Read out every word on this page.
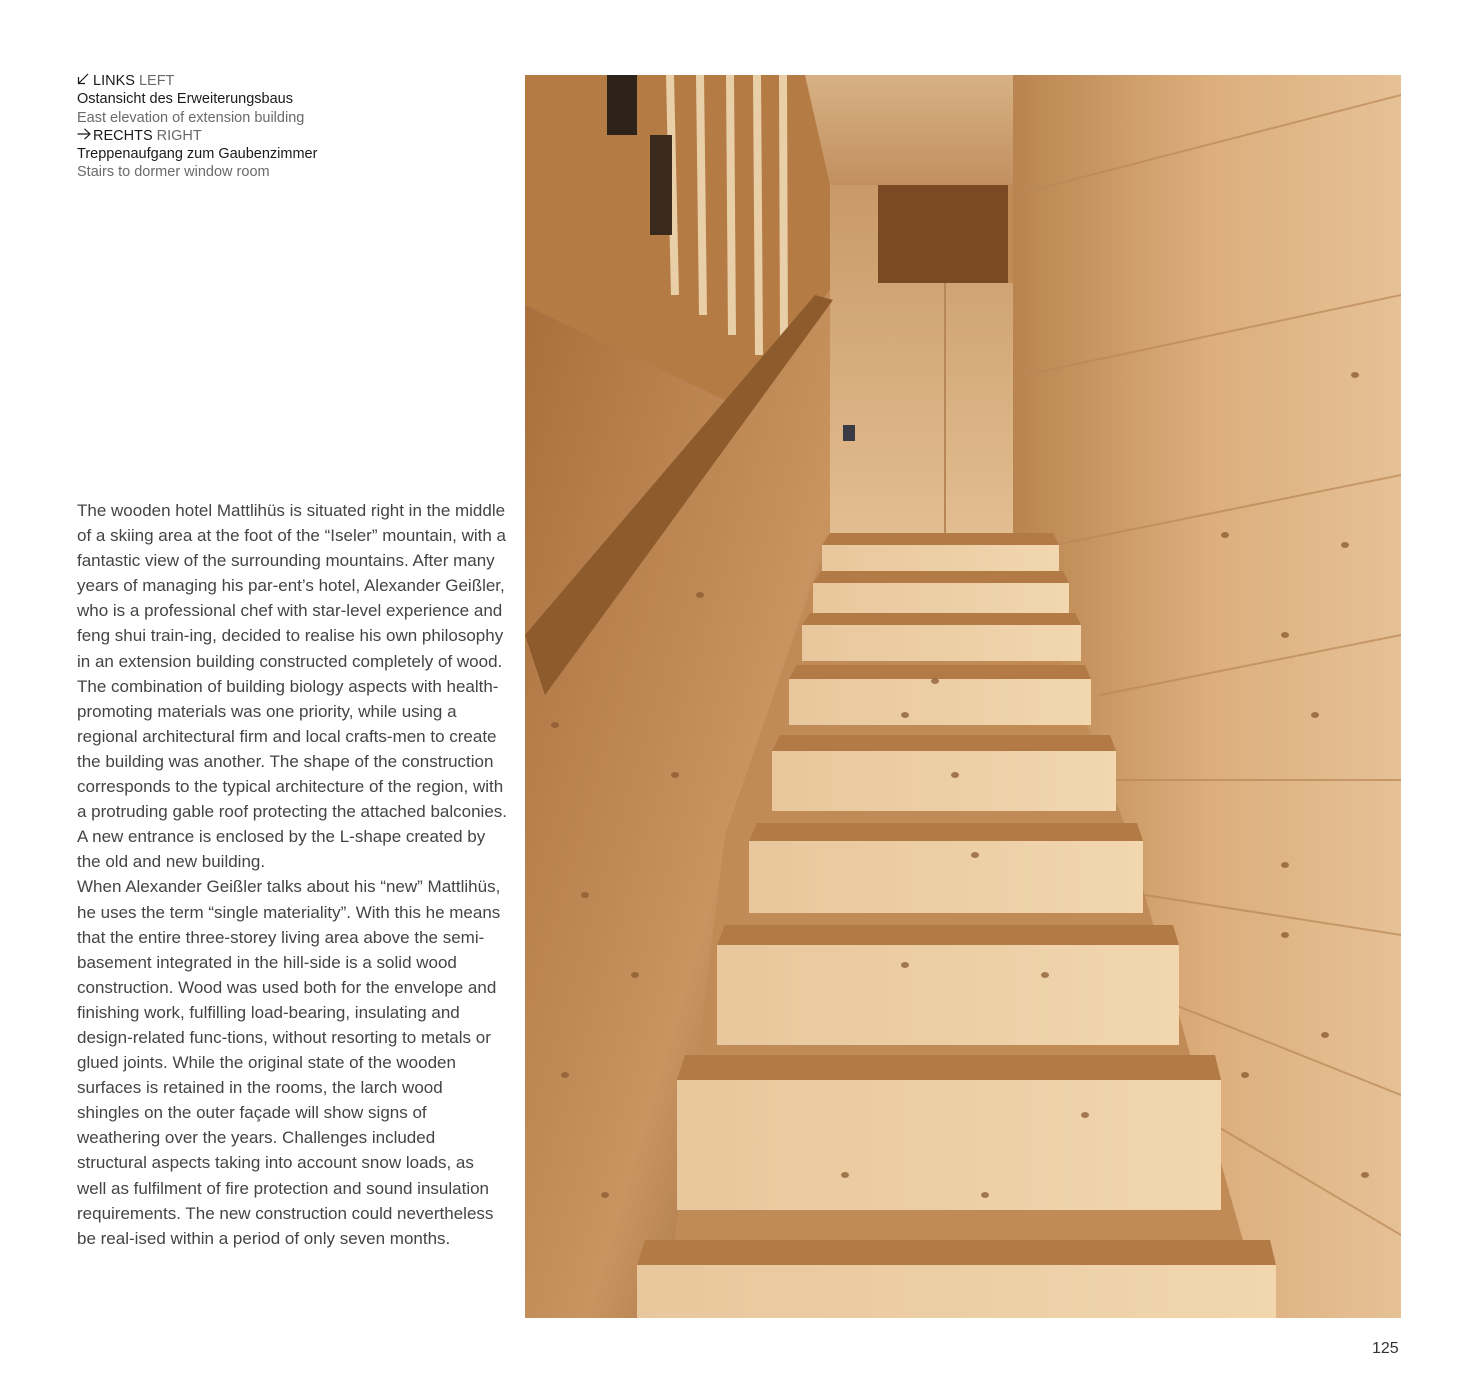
LINKS LEFT
Ostansicht des Erweiterungsbaus
East elevation of extension building
RECHTS RIGHT
Treppenaufgang zum Gaubenzimmer
Stairs to dormer window room

The wooden hotel Mattlihüs is situated right in the middle of a skiing area at the foot of the “Iseler” mountain, with a fantastic view of the surrounding mountains. After many years of managing his par-ent’s hotel, Alexander Geißler, who is a professional chef with star-level experience and feng shui train-ing, decided to realise his own philosophy in an extension building constructed completely of wood. The combination of building biology aspects with health-promoting materials was one priority, while using a regional architectural firm and local crafts-men to create the building was another. The shape of the construction corresponds to the typical architecture of the region, with a protruding gable roof protecting the attached balconies. A new entrance is enclosed by the L-shape created by the old and new building.

When Alexander Geißler talks about his “new” Mattlihüs, he uses the term “single materiality”. With this he means that the entire three-storey living area above the semi-basement integrated in the hill-side is a solid wood construction. Wood was used both for the envelope and finishing work, fulfilling load-bearing, insulating and design-related func-tions, without resorting to metals or glued joints. While the original state of the wooden surfaces is retained in the rooms, the larch wood shingles on the outer façade will show signs of weathering over the years. Challenges included structural aspects taking into account snow loads, as well as fulfilment of fire protection and sound insulation requirements. The new construction could nevertheless be real-ised within a period of only seven months.

125
